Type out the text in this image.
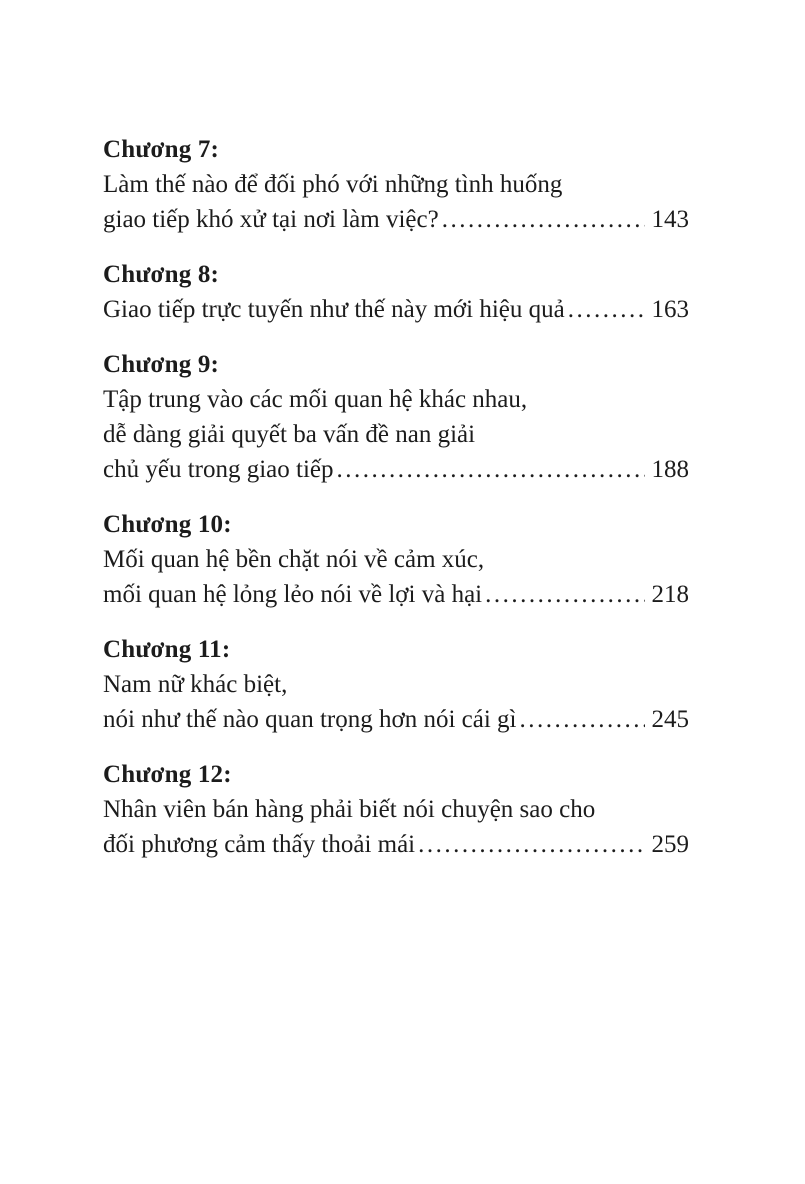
Chương 7:
Làm thế nào để đối phó với những tình huống
giao tiếp khó xử tại nơi làm việc? .....	143
Chương 8:
Giao tiếp trực tuyến như thế này mới hiệu quả .....	163
Chương 9:
Tập trung vào các mối quan hệ khác nhau,
dễ dàng giải quyết ba vấn đề nan giải
chủ yếu trong giao tiếp .....	188
Chương 10:
Mối quan hệ bền chặt nói về cảm xúc,
mối quan hệ lỏng lẻo nói về lợi và hại .....	218
Chương 11:
Nam nữ khác biệt,
nói như thế nào quan trọng hơn nói cái gì .....	245
Chương 12:
Nhân viên bán hàng phải biết nói chuyện sao cho
đối phương cảm thấy thoải mái .....	259
